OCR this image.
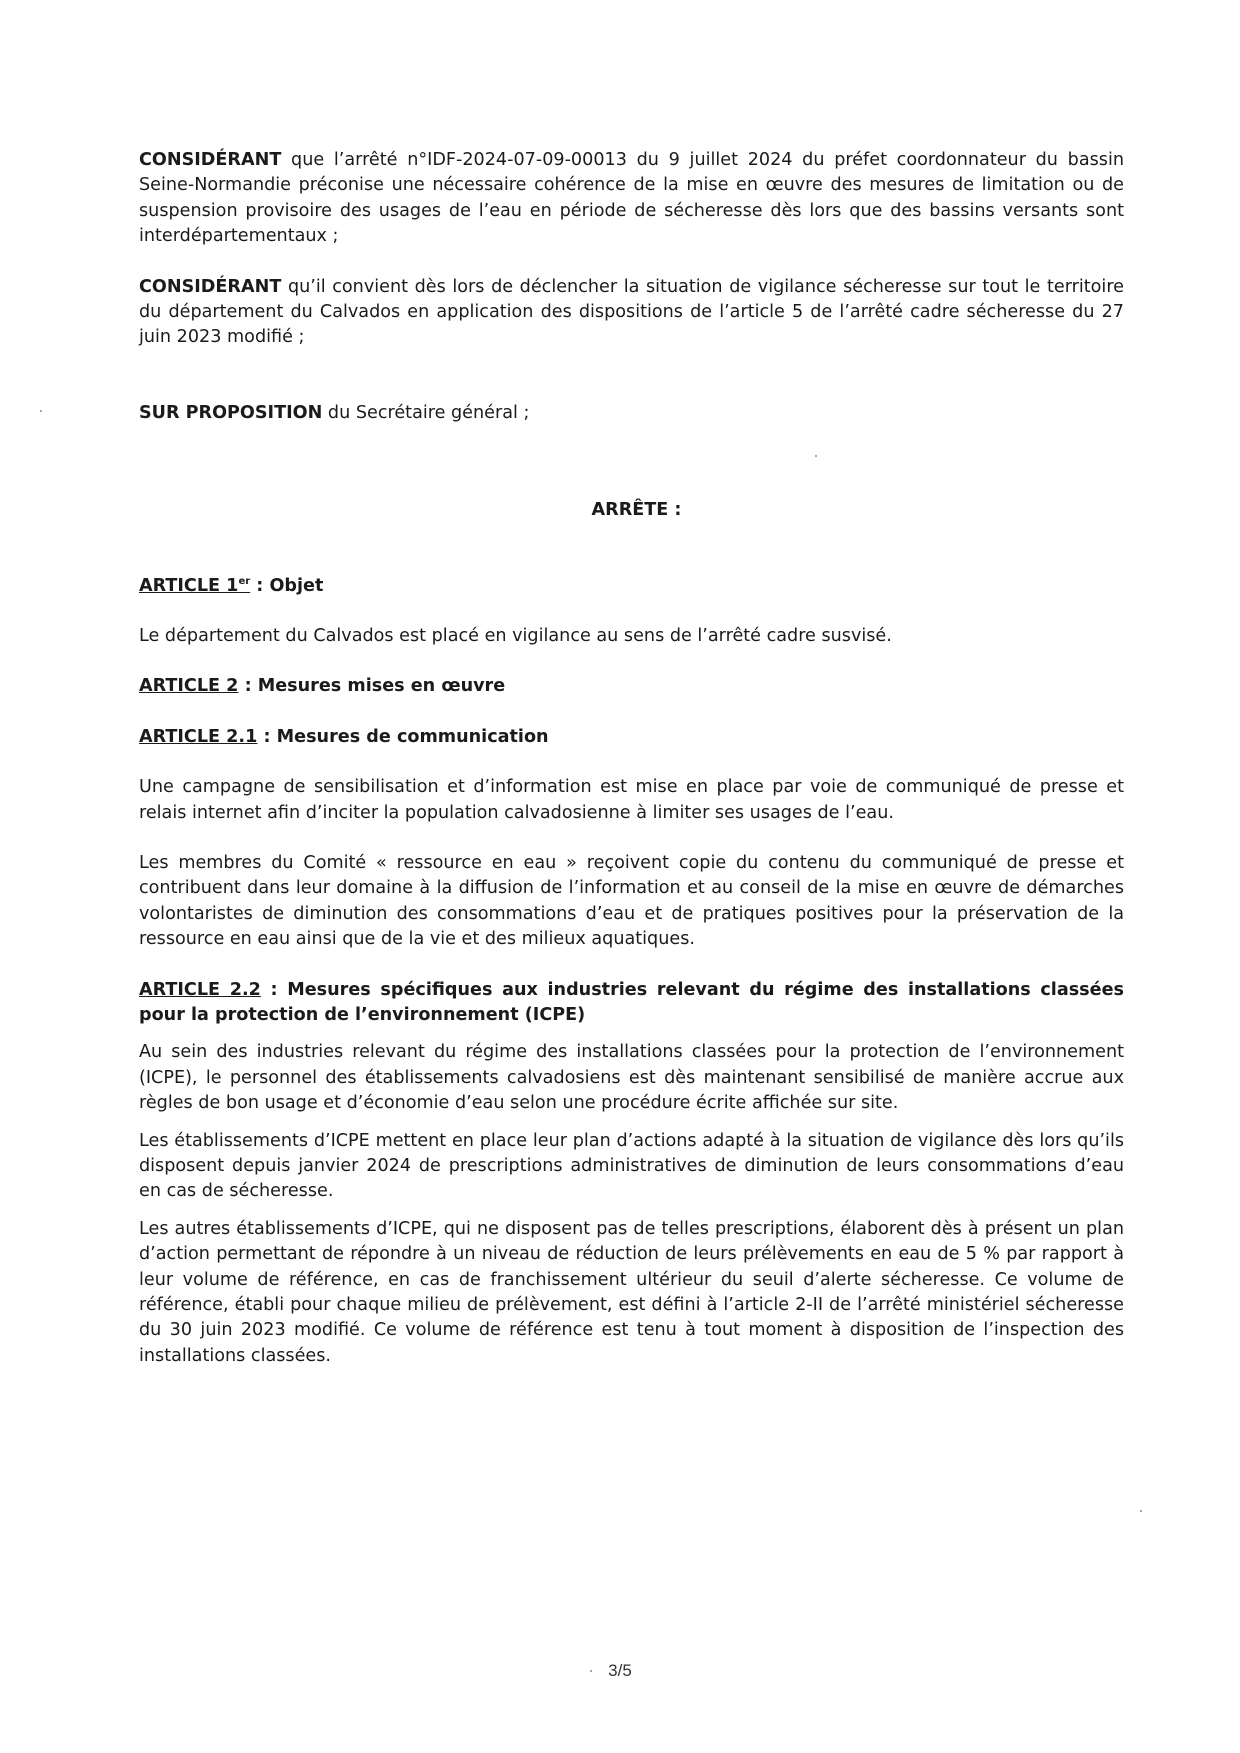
CONSIDÉRANT que l’arrêté n°IDF-2024-07-09-00013 du 9 juillet 2024 du préfet coordonnateur du bassin Seine-Normandie préconise une nécessaire cohérence de la mise en œuvre des mesures de limitation ou de suspension provisoire des usages de l’eau en période de sécheresse dès lors que des bassins versants sont interdépartementaux ;

CONSIDÉRANT qu’il convient dès lors de déclencher la situation de vigilance sécheresse sur tout le territoire du département du Calvados en application des dispositions de l’article 5 de l’arrêté cadre sécheresse du 27 juin 2023 modifié ;

SUR PROPOSITION du Secrétaire général ;

ARRÊTE :

ARTICLE 1er : Objet

Le département du Calvados est placé en vigilance au sens de l’arrêté cadre susvisé.

ARTICLE 2 : Mesures mises en œuvre

ARTICLE 2.1 : Mesures de communication

Une campagne de sensibilisation et d’information est mise en place par voie de communiqué de presse et relais internet afin d’inciter la population calvadosienne à limiter ses usages de l’eau.

Les membres du Comité « ressource en eau » reçoivent copie du contenu du communiqué de presse et contribuent dans leur domaine à la diffusion de l’information et au conseil de la mise en œuvre de démarches volontaristes de diminution des consommations d’eau et de pratiques positives pour la préservation de la ressource en eau ainsi que de la vie et des milieux aquatiques.

ARTICLE 2.2 : Mesures spécifiques aux industries relevant du régime des installations classées pour la protection de l’environnement (ICPE)

Au sein des industries relevant du régime des installations classées pour la protection de l’environnement (ICPE), le personnel des établissements calvadosiens est dès maintenant sensibilisé de manière accrue aux règles de bon usage et d’économie d’eau selon une procédure écrite affichée sur site.

Les établissements d’ICPE mettent en place leur plan d’actions adapté à la situation de vigilance dès lors qu’ils disposent depuis janvier 2024 de prescriptions administratives de diminution de leurs consommations d’eau en cas de sécheresse.

Les autres établissements d’ICPE, qui ne disposent pas de telles prescriptions, élaborent dès à présent un plan d’action permettant de répondre à un niveau de réduction de leurs prélèvements en eau de 5 % par rapport à leur volume de référence, en cas de franchissement ultérieur du seuil d’alerte sécheresse. Ce volume de référence, établi pour chaque milieu de prélèvement, est défini à l’article 2-II de l’arrêté ministériel sécheresse du 30 juin 2023 modifié. Ce volume de référence est tenu à tout moment à disposition de l’inspection des installations classées.

3/5
